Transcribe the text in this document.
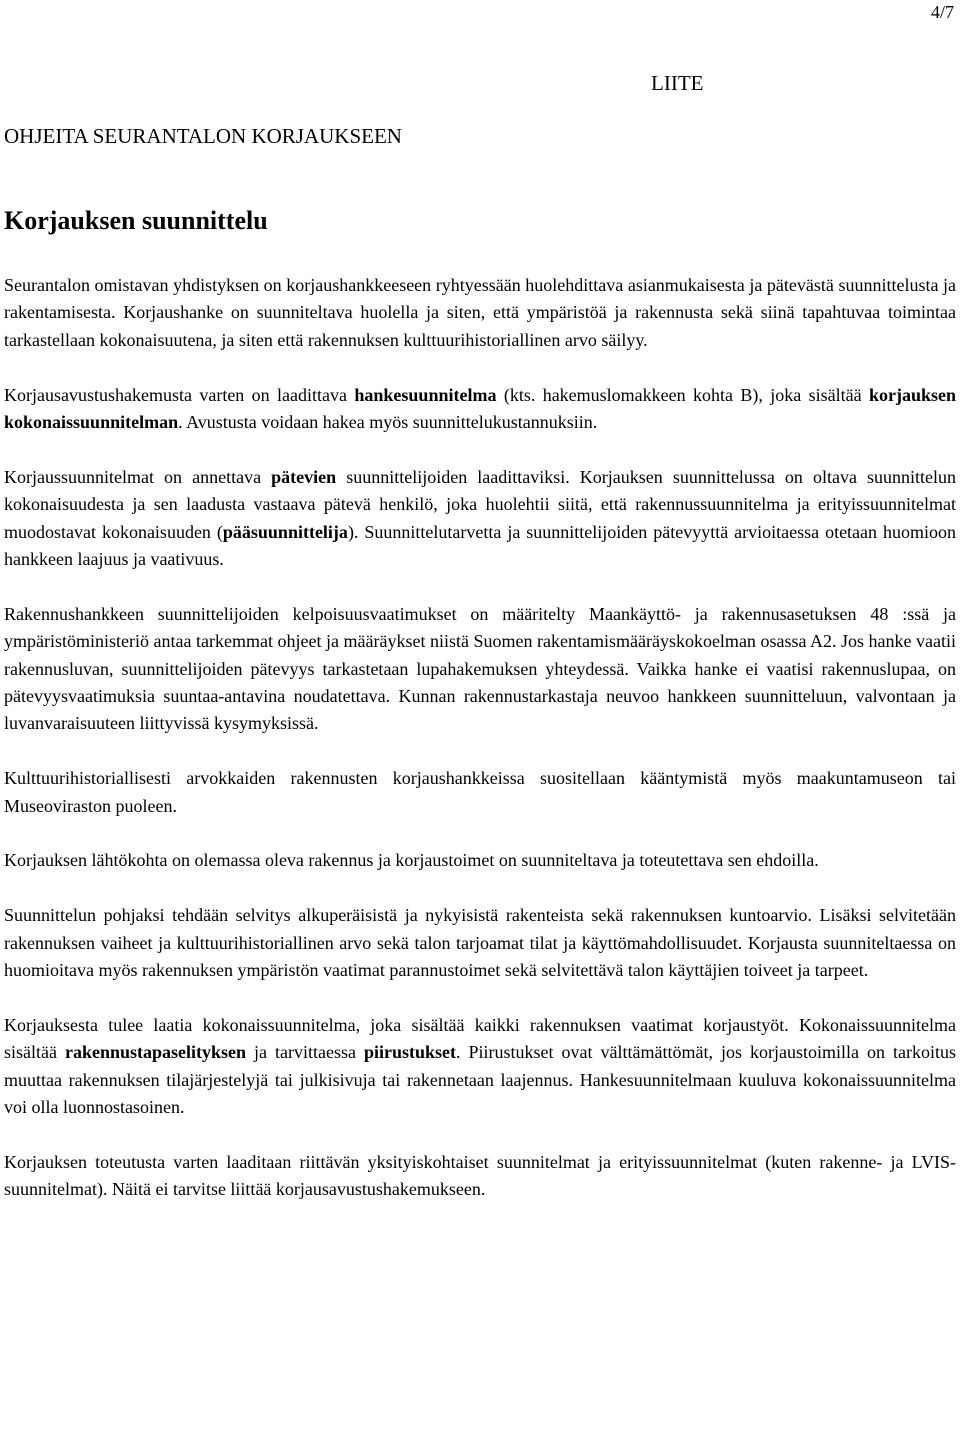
4/7
LIITE
OHJEITA SEURANTALON KORJAUKSEEN
Korjauksen suunnittelu

Seurantalon omistavan yhdistyksen on korjaushankkeeseen ryhtyessään huolehdittava asianmukaisesta ja pätevästä suunnittelusta ja rakentamisesta. Korjaushanke on suunniteltava huolella ja siten, että ympäristöä ja rakennusta sekä siinä tapahtuvaa toimintaa tarkastellaan kokonaisuutena, ja siten että rakennuksen kulttuurihistoriallinen arvo säilyy.

Korjausavustushakemusta varten on laadittava hankesuunnitelma (kts. hakemuslomakkeen kohta B), joka sisältää korjauksen kokonaissuunnitelman. Avustusta voidaan hakea myös suunnittelukustannuksiin.

Korjaussuunnitelmat on annettava pätevien suunnittelijoiden laadittaviksi. Korjauksen suunnittelussa on oltava suunnittelun kokonaisuudesta ja sen laadusta vastaava pätevä henkilö, joka huolehtii siitä, että rakennussuunnitelma ja erityissuunnitelmat muodostavat kokonaisuuden (pääsuunnittelija). Suunnittelutarvetta ja suunnittelijoiden pätevyyttä arvioitaessa otetaan huomioon hankkeen laajuus ja vaativuus.

Rakennushankkeen suunnittelijoiden kelpoisuusvaatimukset on määritelty Maankäyttö- ja rakennusasetuksen 48 :ssä ja ympäristöministeriö antaa tarkemmat ohjeet ja määräykset niistä Suomen rakentamismääräyskokoelman osassa A2. Jos hanke vaatii rakennusluvan, suunnittelijoiden pätevyys tarkastetaan lupahakemuksen yhteydessä. Vaikka hanke ei vaatisi rakennuslupaa, on pätevyysvaatimuksia suuntaa-antavina noudatettava. Kunnan rakennustarkastaja neuvoo hankkeen suunnitteluun, valvontaan ja luvanvaraisuuteen liittyvissä kysymyksissä.

Kulttuurihistoriallisesti arvokkaiden rakennusten korjaushankkeissa suositellaan kääntymistä myös maakuntamuseon tai Museoviraston puoleen.

Korjauksen lähtökohta on olemassa oleva rakennus ja korjaustoimet on suunniteltava ja toteutettava sen ehdoilla.

Suunnittelun pohjaksi tehdään selvitys alkuperäisistä ja nykyisistä rakenteista sekä rakennuksen kuntoarvio. Lisäksi selvitetään rakennuksen vaiheet ja kulttuurihistoriallinen arvo sekä talon tarjoamat tilat ja käyttömahdollisuudet. Korjausta suunniteltaessa on huomioitava myös rakennuksen ympäristön vaatimat parannustoimet sekä selvitettävä talon käyttäjien toiveet ja tarpeet.

Korjauksesta tulee laatia kokonaissuunnitelma, joka sisältää kaikki rakennuksen vaatimat korjaustyöt. Kokonaissuunnitelma sisältää rakennustapaselityksen ja tarvittaessa piirustukset. Piirustukset ovat välttämättömät, jos korjaustoimilla on tarkoitus muuttaa rakennuksen tilajärjestelyjä tai julkisivuja tai rakennetaan laajennus. Hankesuunnitelmaan kuuluva kokonaissuunnitelma voi olla luonnostasoinen.

Korjauksen toteutusta varten laaditaan riittävän yksityiskohtaiset suunnitelmat ja erityissuunnitelmat (kuten rakenne- ja LVIS-suunnitelmat). Näitä ei tarvitse liittää korjausavustushakemukseen.
